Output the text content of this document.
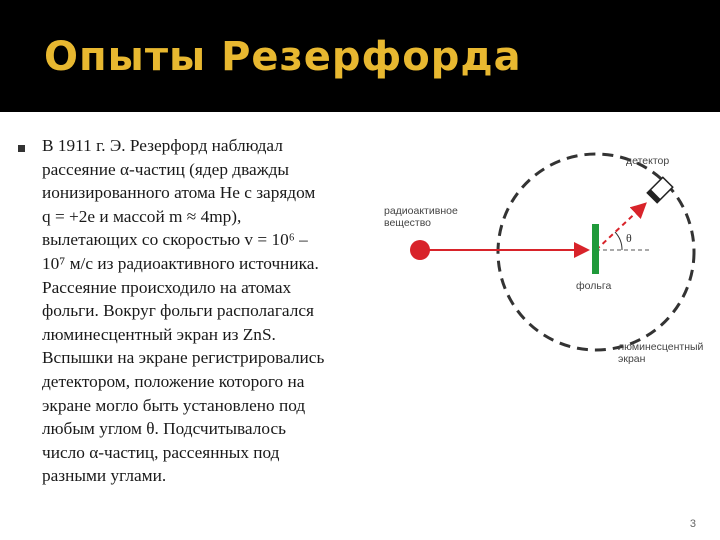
Опыты Резерфорда

В 1911 г. Э. Резерфорд наблюдал
рассеяние α-частиц (ядер дважды
ионизированного атома He с зарядом
q = +2e и массой m ≈ 4mp),
вылетающих со скоростью v = 10⁶ –
10⁷ м/с из радиоактивного источника.
Рассеяние происходило на атомах
фольги. Вокруг фольги располагался
люминесцентный экран из ZnS.
Вспышки на экране регистрировались
детектором, положение которого на
экране могло быть установлено под
любым углом θ. Подсчитывалось
число α-частиц, рассеянных под
разными углами.

θ
радиоактивное
вещество
фольга
детектор
люминесцентный
экран
3
